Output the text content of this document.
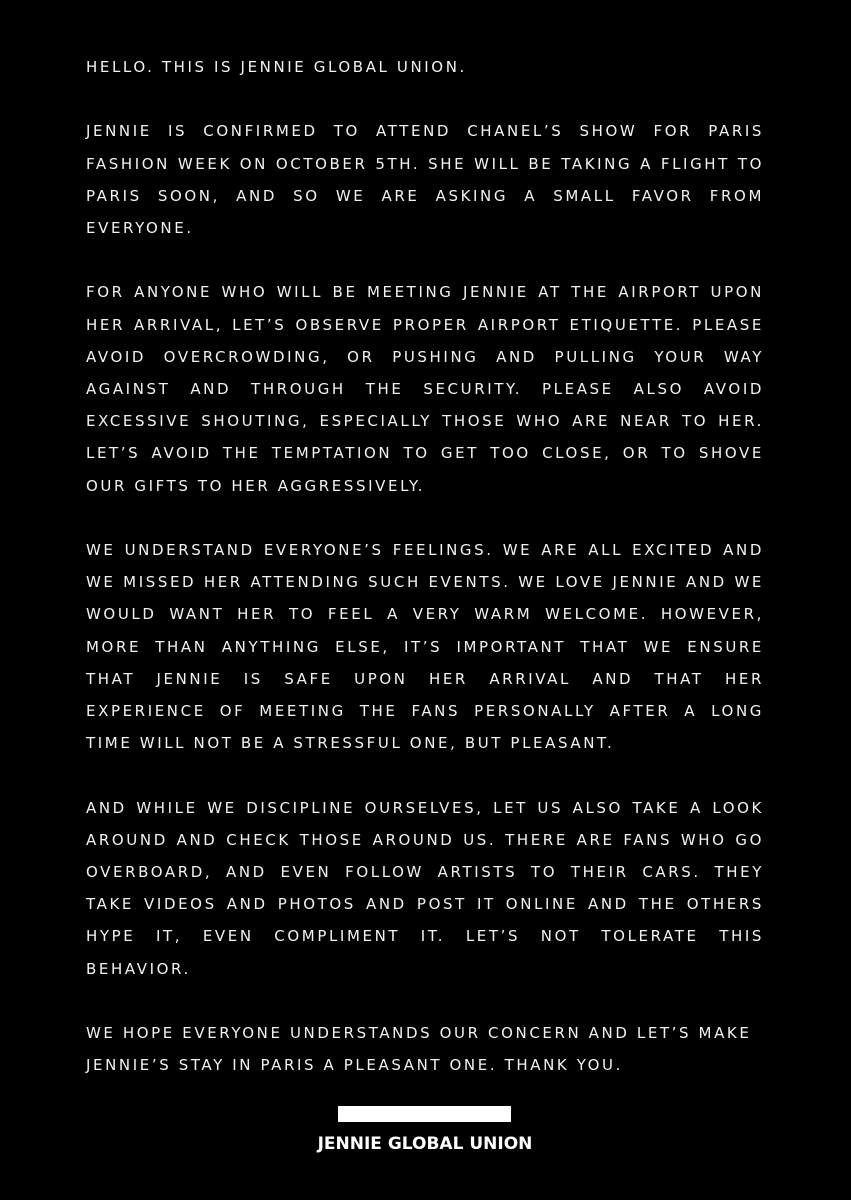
HELLO. THIS IS JENNIE GLOBAL UNION.

JENNIE IS CONFIRMED TO ATTEND CHANEL’S SHOW FOR PARIS FASHION WEEK ON OCTOBER 5TH. SHE WILL BE TAKING A FLIGHT TO PARIS SOON, AND SO WE ARE ASKING A SMALL FAVOR FROM EVERYONE.

FOR ANYONE WHO WILL BE MEETING JENNIE AT THE AIRPORT UPON HER ARRIVAL, LET’S OBSERVE PROPER AIRPORT ETIQUETTE. PLEASE AVOID OVERCROWDING, OR PUSHING AND PULLING YOUR WAY AGAINST AND THROUGH THE SECURITY. PLEASE ALSO AVOID EXCESSIVE SHOUTING, ESPECIALLY THOSE WHO ARE NEAR TO HER. LET’S AVOID THE TEMPTATION TO GET TOO CLOSE, OR TO SHOVE OUR GIFTS TO HER AGGRESSIVELY.

WE UNDERSTAND EVERYONE’S FEELINGS. WE ARE ALL EXCITED AND WE MISSED HER ATTENDING SUCH EVENTS. WE LOVE JENNIE AND WE WOULD WANT HER TO FEEL A VERY WARM WELCOME. HOWEVER, MORE THAN ANYTHING ELSE, IT’S IMPORTANT THAT WE ENSURE THAT JENNIE IS SAFE UPON HER ARRIVAL AND THAT HER EXPERIENCE OF MEETING THE FANS PERSONALLY AFTER A LONG TIME WILL NOT BE A STRESSFUL ONE, BUT PLEASANT.

AND WHILE WE DISCIPLINE OURSELVES, LET US ALSO TAKE A LOOK AROUND AND CHECK THOSE AROUND US. THERE ARE FANS WHO GO OVERBOARD, AND EVEN FOLLOW ARTISTS TO THEIR CARS. THEY TAKE VIDEOS AND PHOTOS AND POST IT ONLINE AND THE OTHERS HYPE IT, EVEN COMPLIMENT IT. LET’S NOT TOLERATE THIS BEHAVIOR.

WE HOPE EVERYONE UNDERSTANDS OUR CONCERN AND LET’S MAKE JENNIE’S STAY IN PARIS A PLEASANT ONE. THANK YOU.

JENNIE GLOBAL UNION
